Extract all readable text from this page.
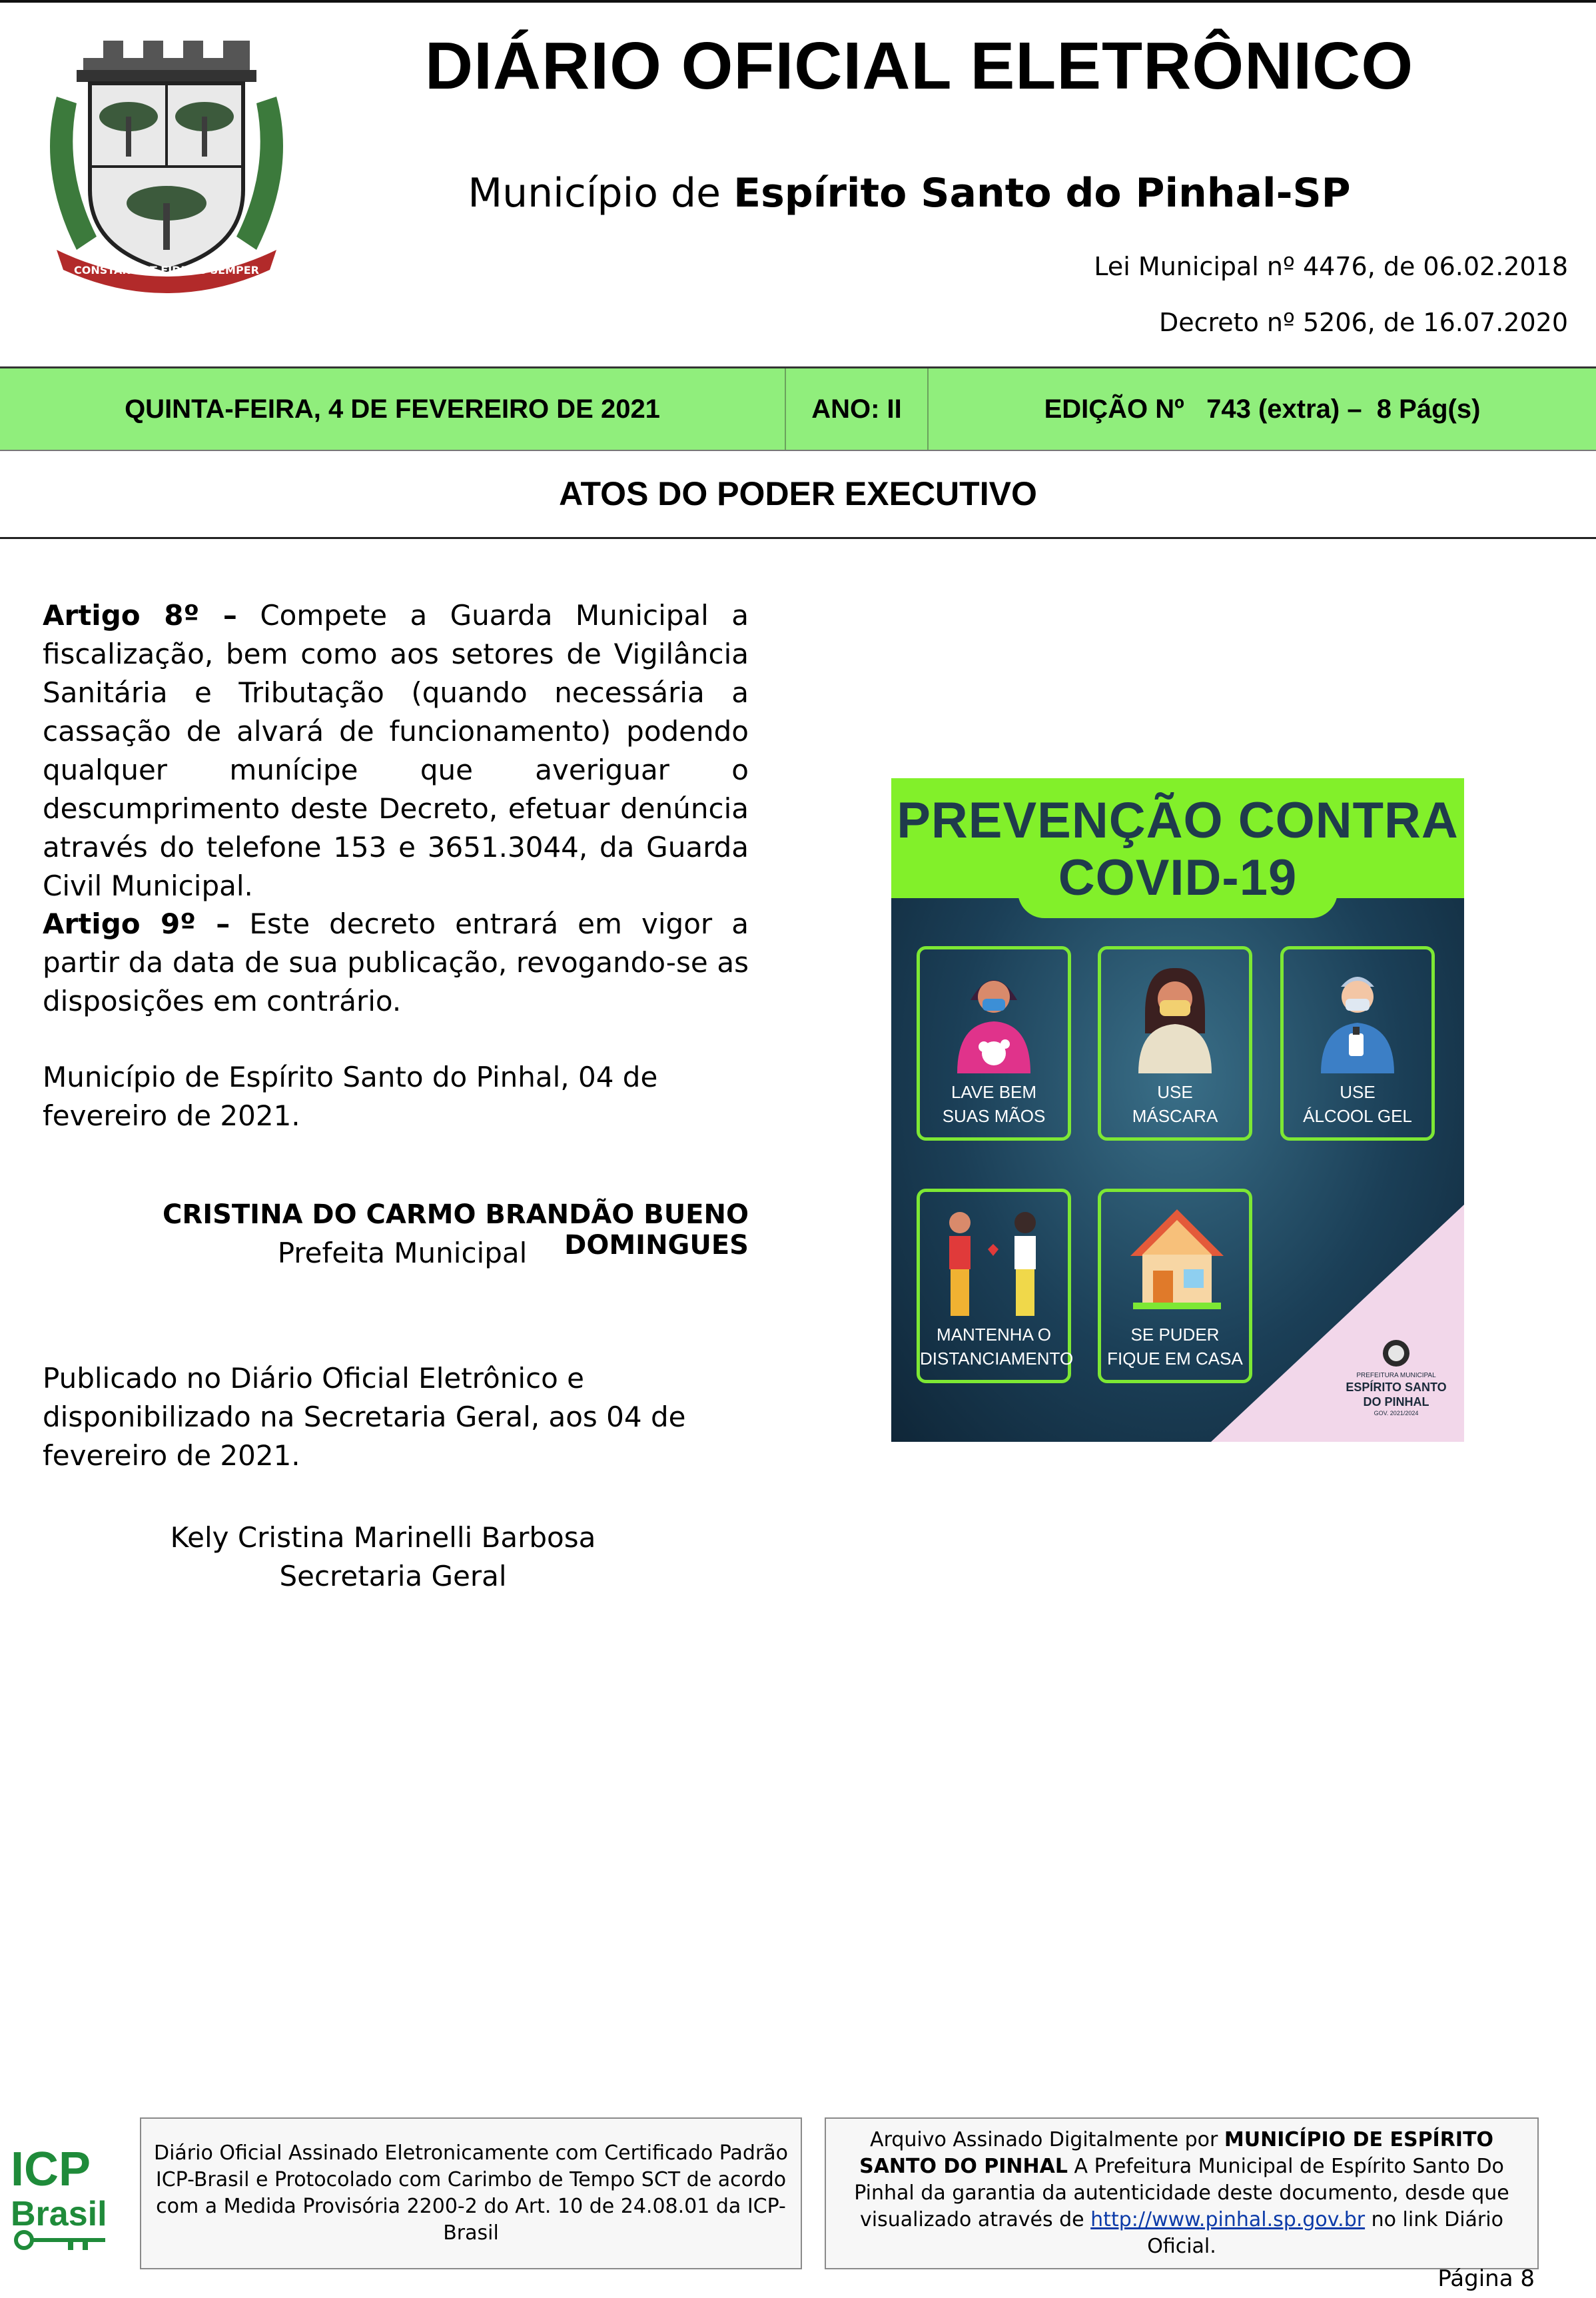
CONSTANS ET FIDELIS SEMPER
DIÁRIO OFICIAL ELETRÔNICO
Município de Espírito Santo do Pinhal-SP
Lei Municipal nº 4476, de 06.02.2018
Decreto nº 5206, de 16.07.2020
QUINTA-FEIRA, 4 DE FEVEREIRO DE 2021	ANO: II	EDIÇÃO Nº   743 (extra) –  8 Pág(s)
ATOS DO PODER EXECUTIVO
Artigo 8º – Compete a Guarda Municipal a fiscalização, bem como aos setores de Vigilância Sanitária e Tributação (quando necessária a cassação de alvará de funcionamento) podendo qualquer munícipe que averiguar o descumprimento deste Decreto, efetuar denúncia através do telefone 153 e 3651.3044, da Guarda Civil Municipal.
Artigo 9º – Este decreto entrará em vigor a partir da data de sua publicação, revogando-se as disposições em contrário.
Município de Espírito Santo do Pinhal, 04 de fevereiro de 2021.
CRISTINA DO CARMO BRANDÃO BUENO DOMINGUES
Prefeita Municipal
Publicado no Diário Oficial Eletrônico e disponibilizado na Secretaria Geral, aos 04 de fevereiro de 2021.
Kely Cristina Marinelli Barbosa
Secretaria Geral
PREVENÇÃO CONTRA
COVID-19
LAVE BEM
SUAS MÃOS
USE
MÁSCARA
USE
ÁLCOOL GEL
MANTENHA O
DISTANCIAMENTO
SE PUDER
FIQUE EM CASA
PREFEITURA MUNICIPAL
ESPÍRITO SANTO DO PINHAL
GOV. 2021/2024
ICP
Brasil
Diário Oficial Assinado Eletronicamente com Certificado Padrão ICP-Brasil e Protocolado com Carimbo de Tempo SCT de acordo com a Medida Provisória 2200-2 do Art. 10 de 24.08.01 da ICP-Brasil
Arquivo Assinado Digitalmente por MUNICÍPIO DE ESPÍRITO SANTO DO PINHAL A Prefeitura Municipal de Espírito Santo Do Pinhal da garantia da autenticidade deste documento, desde que visualizado através de http://www.pinhal.sp.gov.br no link Diário Oficial.
Página 8
